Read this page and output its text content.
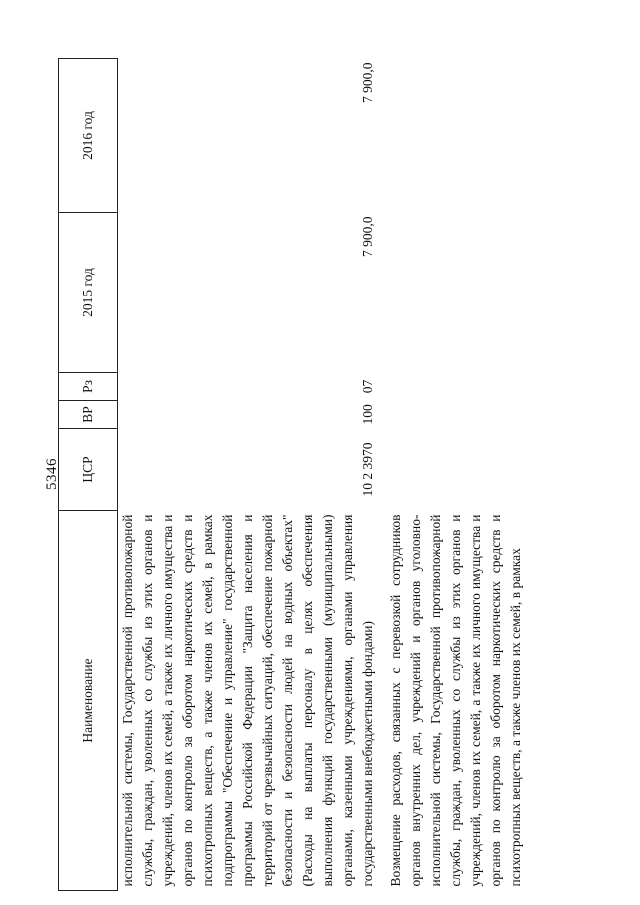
5346
Наименование	ЦСР	ВР	Рз	2015 год	2016 год
исполнительной системы, Государственной противопожарной службы, граждан, уволенных со службы из этих органов и учреждений, членов их семей, а также их личного имущества и органов по контролю за оборотом наркотических средств и психотропных веществ, а также членов их семей, в рамках подпрограммы "Обеспечение и управление" государственной программы Российской Федерации "Защита населения и территорий от чрезвычайных ситуаций, обеспечение пожарной безопасности и безопасности людей на водных объектах" (Расходы на выплаты персоналу в целях обеспечения выполнения функций государственными (муниципальными) органами, казенными учреждениями, органами управления государственными внебюджетными фондами)	10 2 3970	100	07	7 900,0	7 900,0
Возмещение расходов, связанных с перевозкой сотрудников органов внутренних дел, учреждений и органов уголовно-исполнительной системы, Государственной противопожарной службы, граждан, уволенных со службы из этих органов и учреждений, членов их семей, а также их личного имущества и органов по контролю за оборотом наркотических средств и психотропных веществ, а также членов их семей, в рамках					
